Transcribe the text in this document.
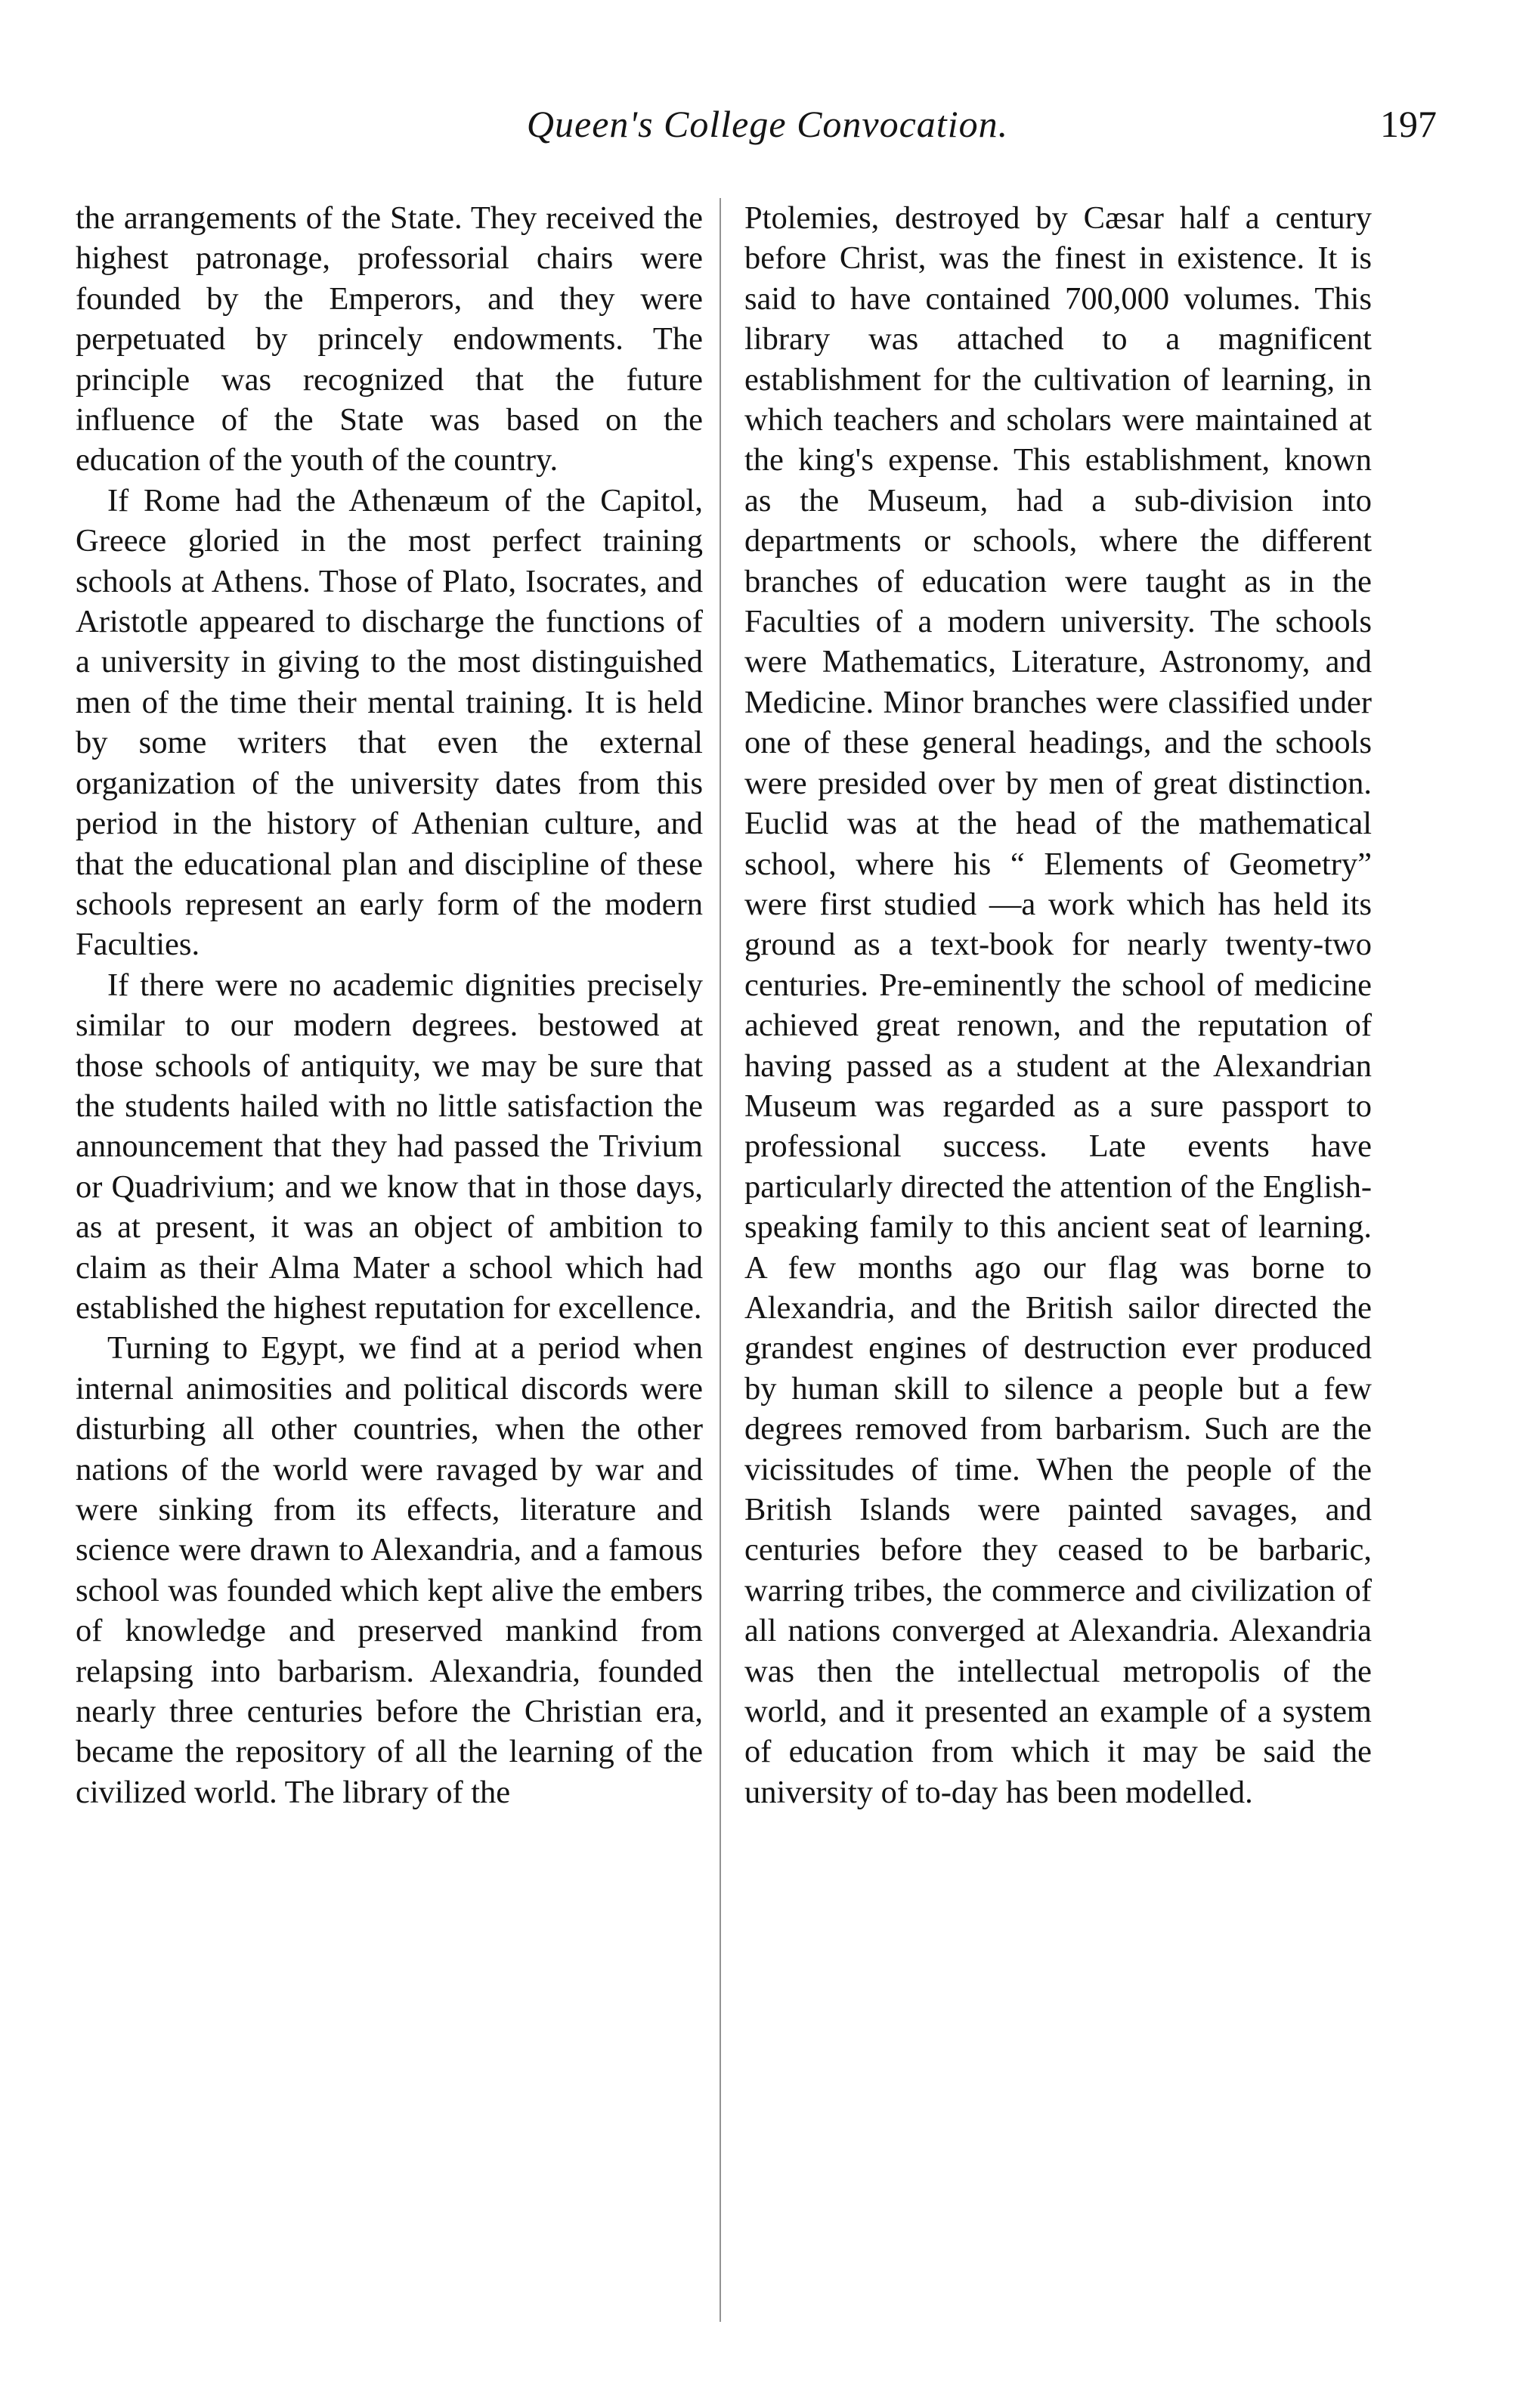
Queen's College Convocation.	197

the arrangements of the State. They received the highest patronage, professorial chairs were founded by the Emperors, and they were perpetuated by princely endowments. The principle was recognized that the future influence of the State was based on the education of the youth of the country.

If Rome had the Athenæum of the Capitol, Greece gloried in the most perfect training schools at Athens. Those of Plato, Isocrates, and Aristotle appeared to discharge the functions of a university in giving to the most distinguished men of the time their mental training. It is held by some writers that even the external organization of the university dates from this period in the history of Athenian culture, and that the educational plan and discipline of these schools represent an early form of the modern Faculties.

If there were no academic dignities precisely similar to our modern degrees. bestowed at those schools of antiquity, we may be sure that the students hailed with no little satisfaction the announcement that they had passed the Trivium or Quadrivium; and we know that in those days, as at present, it was an object of ambition to claim as their Alma Mater a school which had established the highest reputation for excellence.

Turning to Egypt, we find at a period when internal animosities and political discords were disturbing all other countries, when the other nations of the world were ravaged by war and were sinking from its effects, literature and science were drawn to Alexandria, and a famous school was founded which kept alive the embers of knowledge and preserved mankind from relapsing into barbarism. Alexandria, founded nearly three centuries before the Christian era, became the repository of all the learning of the civilized world. The library of the

Ptolemies, destroyed by Cæsar half a century before Christ, was the finest in existence. It is said to have contained 700,000 volumes. This library was attached to a magnificent establishment for the cultivation of learning, in which teachers and scholars were maintained at the king's expense. This establishment, known as the Museum, had a sub-division into departments or schools, where the different branches of education were taught as in the Faculties of a modern university. The schools were Mathematics, Literature, Astronomy, and Medicine. Minor branches were classified under one of these general headings, and the schools were presided over by men of great distinction. Euclid was at the head of the mathematical school, where his “ Elements of Geometry” were first studied —a work which has held its ground as a text-book for nearly twenty-two centuries. Pre-eminently the school of medicine achieved great renown, and the reputation of having passed as a student at the Alexandrian Museum was regarded as a sure passport to professional success. Late events have particularly directed the attention of the English-speaking family to this ancient seat of learning. A few months ago our flag was borne to Alexandria, and the British sailor directed the grandest engines of destruction ever produced by human skill to silence a people but a few degrees removed from barbarism. Such are the vicissitudes of time. When the people of the British Islands were painted savages, and centuries before they ceased to be barbaric, warring tribes, the commerce and civilization of all nations converged at Alexandria. Alexandria was then the intellectual metropolis of the world, and it presented an example of a system of education from which it may be said the university of to-day has been modelled.
